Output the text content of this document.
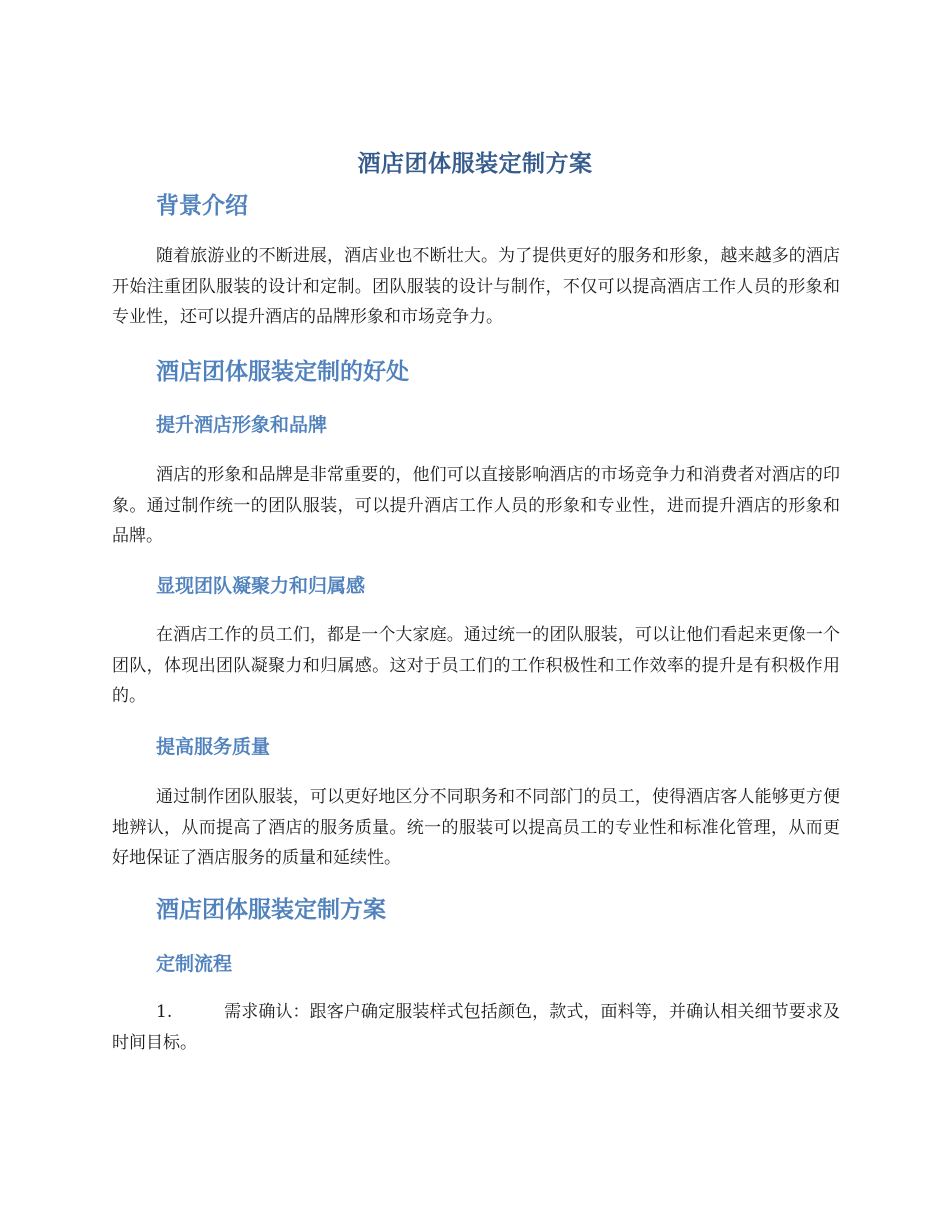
酒店团体服装定制方案
背景介绍

随着旅游业的不断进展，酒店业也不断壮大。为了提供更好的服务和形象，越来越多的酒店开始注重团队服装的设计和定制。团队服装的设计与制作，不仅可以提高酒店工作人员的形象和专业性，还可以提升酒店的品牌形象和市场竞争力。

酒店团体服装定制的好处
提升酒店形象和品牌

酒店的形象和品牌是非常重要的，他们可以直接影响酒店的市场竞争力和消费者对酒店的印象。通过制作统一的团队服装，可以提升酒店工作人员的形象和专业性，进而提升酒店的形象和品牌。

显现团队凝聚力和归属感

在酒店工作的员工们，都是一个大家庭。通过统一的团队服装，可以让他们看起来更像一个团队，体现出团队凝聚力和归属感。这对于员工们的工作积极性和工作效率的提升是有积极作用的。

提高服务质量

通过制作团队服装，可以更好地区分不同职务和不同部门的员工，使得酒店客人能够更方便地辨认，从而提高了酒店的服务质量。统一的服装可以提高员工的专业性和标准化管理，从而更好地保证了酒店服务的质量和延续性。

酒店团体服装定制方案
定制流程

1.	需求确认：跟客户确定服装样式包括颜色，款式，面料等，并确认相关细节要求及时间目标。
